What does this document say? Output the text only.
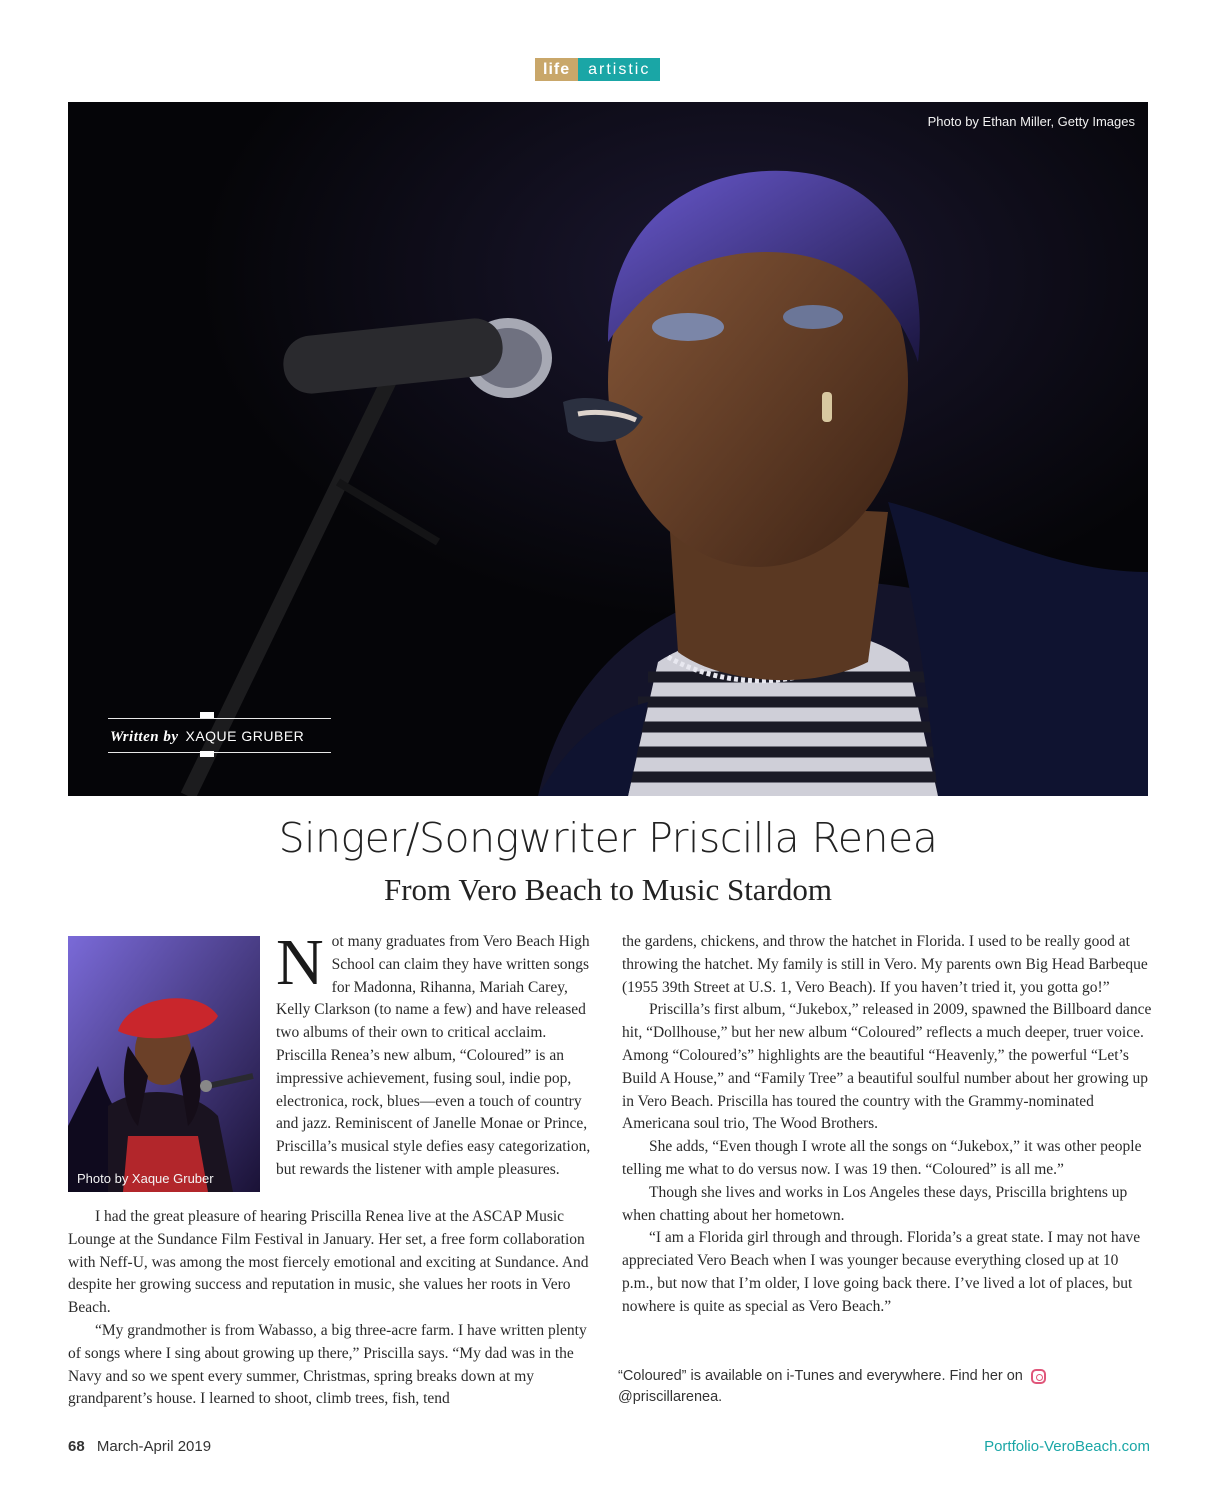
life	artistic
Photo by Ethan Miller, Getty Images
Written by XAQUE GRUBER
Singer/Songwriter Priscilla Renea
From Vero Beach to Music Stardom
Photo by Xaque Gruber

Not many graduates from Vero Beach High School can claim they have written songs for Madonna, Rihanna, Mariah Carey, Kelly Clarkson (to name a few) and have released two albums of their own to critical acclaim. Priscilla Renea’s new album, “Coloured” is an impressive achievement, fusing soul, indie pop, electronica, rock, blues—even a touch of country and jazz. Reminiscent of Janelle Monae or Prince, Priscilla’s musical style defies easy categorization, but rewards the listener with ample pleasures.

I had the great pleasure of hearing Priscilla Renea live at the ASCAP Music Lounge at the Sundance Film Festival in January. Her set, a free form collaboration with Neff-U, was among the most fiercely emotional and exciting at Sundance. And despite her growing success and reputation in music, she values her roots in Vero Beach.

“My grandmother is from Wabasso, a big three-acre farm. I have written plenty of songs where I sing about growing up there,” Priscilla says. “My dad was in the Navy and so we spent every summer, Christmas, spring breaks down at my grandparent’s house. I learned to shoot, climb trees, fish, tend

the gardens, chickens, and throw the hatchet in Florida. I used to be really good at throwing the hatchet. My family is still in Vero. My parents own Big Head Barbeque (1955 39th Street at U.S. 1, Vero Beach). If you haven’t tried it, you gotta go!”

Priscilla’s first album, “Jukebox,” released in 2009, spawned the Billboard dance hit, “Dollhouse,” but her new album “Coloured” reflects a much deeper, truer voice. Among “Coloured’s” highlights are the beautiful “Heavenly,” the powerful “Let’s Build A House,” and “Family Tree” a beautiful soulful number about her growing up in Vero Beach. Priscilla has toured the country with the Grammy-nominated Americana soul trio, The Wood Brothers.

She adds, “Even though I wrote all the songs on “Jukebox,” it was other people telling me what to do versus now. I was 19 then. “Coloured” is all me.”

Though she lives and works in Los Angeles these days, Priscilla brightens up when chatting about her hometown.

“I am a Florida girl through and through. Florida’s a great state. I may not have appreciated Vero Beach when I was younger because everything closed up at 10 p.m., but now that I’m older, I love going back there. I’ve lived a lot of places, but nowhere is quite as special as Vero Beach.”

“Coloured” is available on i-Tunes and everywhere. Find her on
@priscillarenea.
68 March-April 2019	Portfolio-VeroBeach.com
